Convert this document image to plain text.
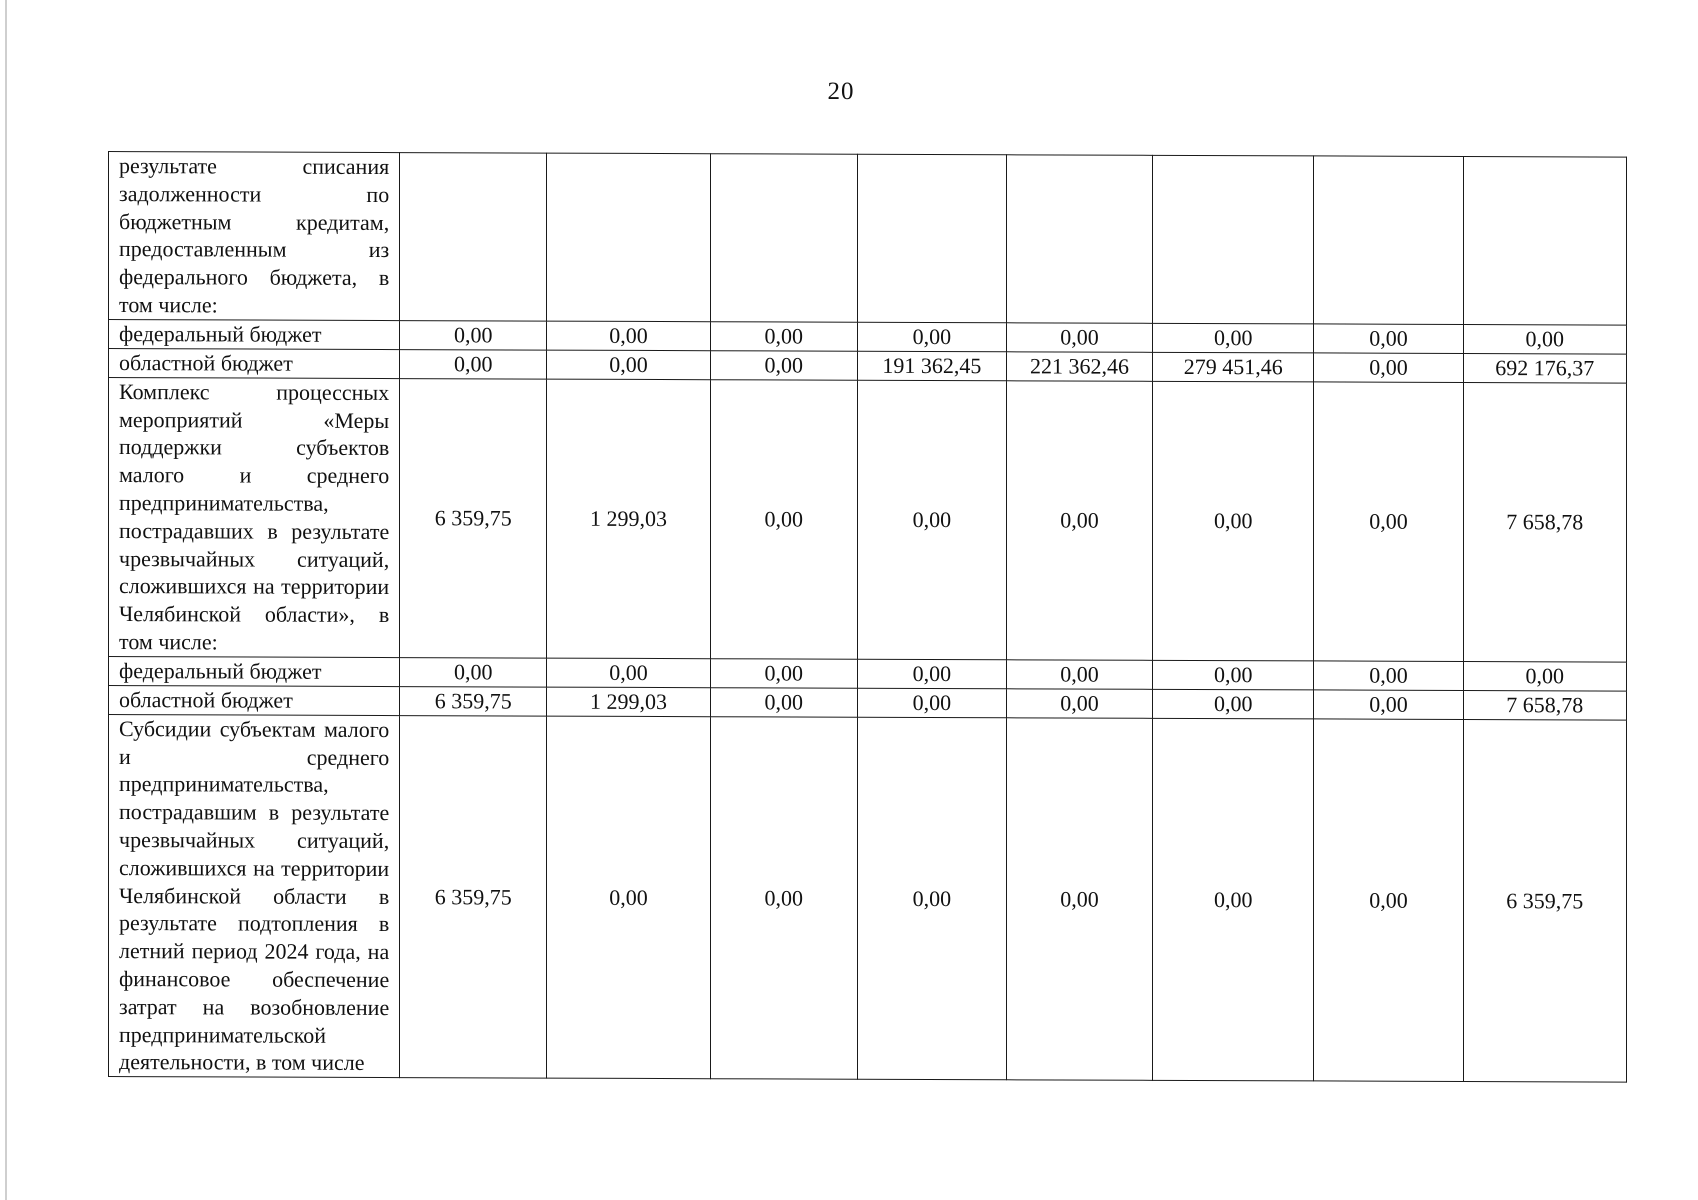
20
результате списания задолженности по бюджетным кредитам, предоставленным из федерального бюджета, в том числе:								
федеральный бюджет	0,00	0,00	0,00	0,00	0,00	0,00	0,00	0,00
областной бюджет	0,00	0,00	0,00	191 362,45	221 362,46	279 451,46	0,00	692 176,37
Комплекс процессных мероприятий «Меры поддержки субъектов малого и среднего предпринимательства, пострадавших в результате чрезвычайных ситуаций, сложившихся на территории Челябинской области», в том числе:	6 359,75	1 299,03	0,00	0,00	0,00	0,00	0,00	7 658,78
федеральный бюджет	0,00	0,00	0,00	0,00	0,00	0,00	0,00	0,00
областной бюджет	6 359,75	1 299,03	0,00	0,00	0,00	0,00	0,00	7 658,78
Субсидии субъектам малого и среднего предпринимательства, пострадавшим в результате чрезвычайных ситуаций, сложившихся на территории Челябинской области в результате подтопления в летний период 2024 года, на финансовое обеспечение затрат на возобновление предпринимательской деятельности, в том числе	6 359,75	0,00	0,00	0,00	0,00	0,00	0,00	6 359,75
